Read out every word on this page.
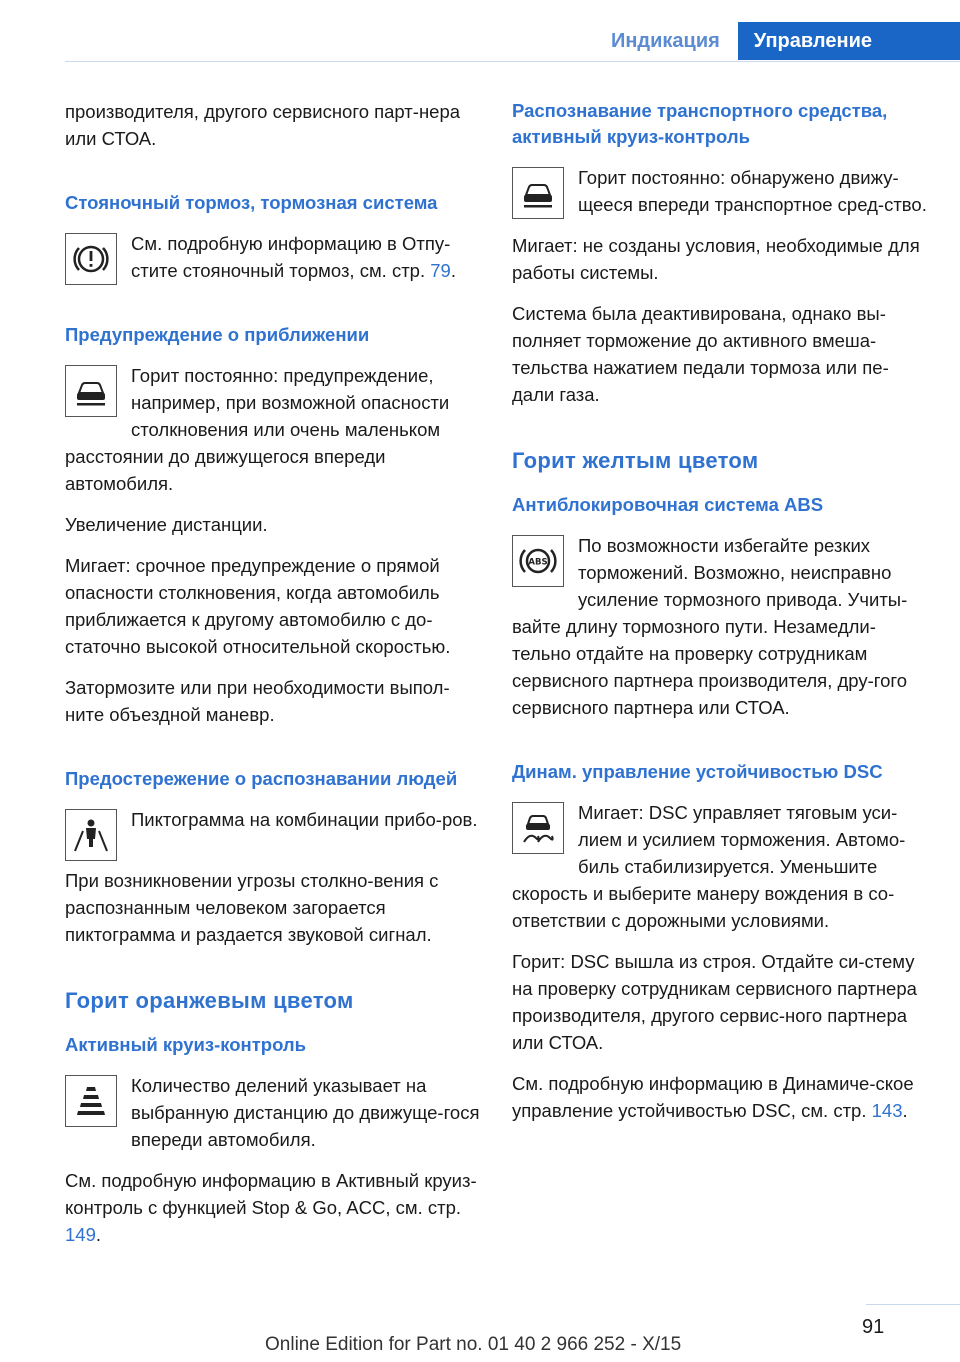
Индикация	Управление

производителя, другого сервисного парт-нера или СТОА.

Стояночный тормоз, тормозная система

См. подробную информацию в Отпу-стите стояночный тормоз, см. стр. 79.

Предупреждение о приближении

Горит постоянно: предупреждение, например, при возможной опасности столкновения или очень маленьком расстоянии до движущегося впереди автомобиля.

Увеличение дистанции.

Мигает: срочное предупреждение о прямой опасности столкновения, когда автомобиль приближается к другому автомобилю с до-статочно высокой относительной скоростью.

Затормозите или при необходимости выпол-ните объездной маневр.

Предостережение о распознавании людей

Пиктограмма на комбинации прибо-ров.

При возникновении угрозы столкно-вения с распознанным человеком загорается пиктограмма и раздается звуковой сигнал.

Горит оранжевым цветом
Активный круиз-контроль

Количество делений указывает на выбранную дистанцию до движуще-гося впереди автомобиля.

См. подробную информацию в Активный круиз-контроль с функцией Stop & Go, ACC, см. стр. 149.

Распознавание транспортного средства, активный круиз-контроль

Горит постоянно: обнаружено движу-щееся впереди транспортное сред-ство.

Мигает: не созданы условия, необходимые для работы системы.

Система была деактивирована, однако вы-полняет торможение до активного вмеша-тельства нажатием педали тормоза или пе-дали газа.

Горит желтым цветом
Антиблокировочная система ABS
ABS

По возможности избегайте резких торможений. Возможно, неисправно усиление тормозного привода. Учиты-вайте длину тормозного пути. Незамедли-тельно отдайте на проверку сотрудникам сервисного партнера производителя, дру-гого сервисного партнера или СТОА.

Динам. управление устойчивостью DSC

Мигает: DSC управляет тяговым уси-лием и усилием торможения. Автомо-биль стабилизируется. Уменьшите скорость и выберите манеру вождения в со-ответствии с дорожными условиями.

Горит: DSC вышла из строя. Отдайте си-стему на проверку сотрудникам сервисного партнера производителя, другого сервис-ного партнера или СТОА.

См. подробную информацию в Динамиче-ское управление устойчивостью DSC, см. стр. 143.

91
Online Edition for Part no. 01 40 2 966 252 - X/15
